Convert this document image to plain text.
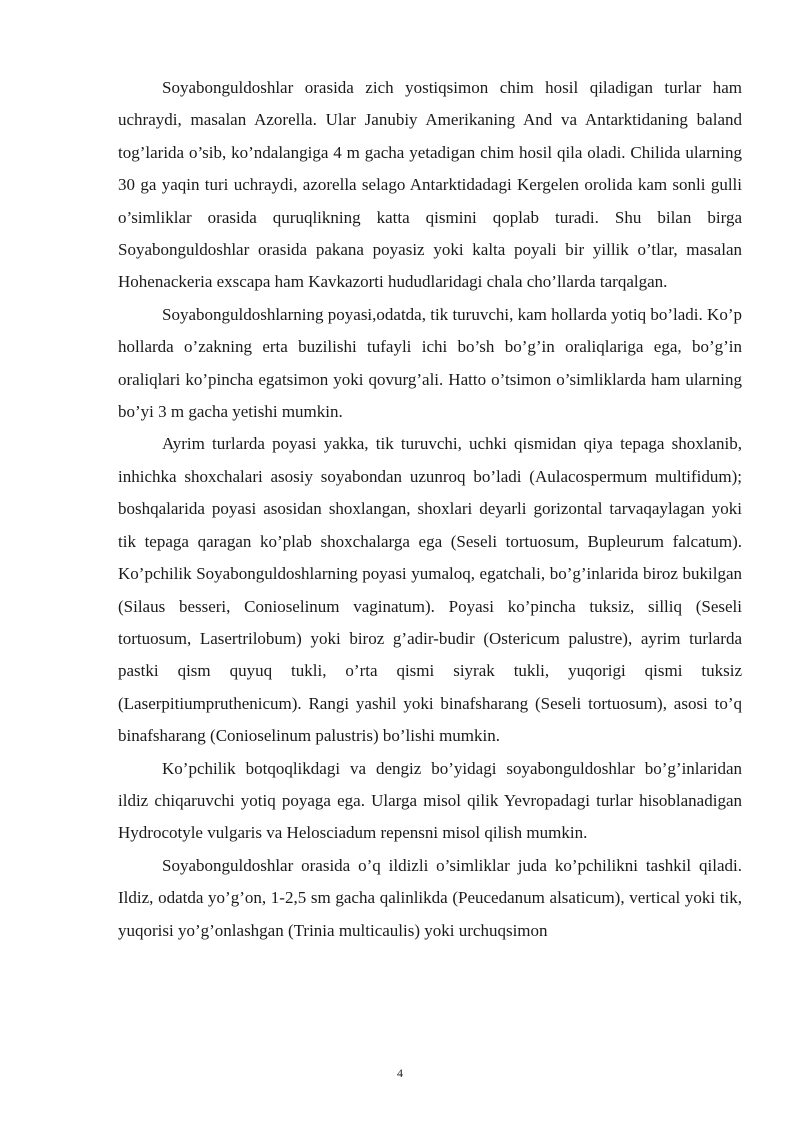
Soyabonguldoshlar orasida zich yostiqsimon chim hosil qiladigan turlar ham uchraydi, masalan Azorella. Ular Janubiy Amerikaning And va Antarktidaning baland tog’larida o’sib, ko’ndalangiga 4 m gacha yetadigan chim hosil qila oladi. Chilida ularning 30 ga yaqin turi uchraydi, azorella selago Antarktidadagi Kergelen orolida kam sonli gulli o’simliklar orasida quruqlikning katta qismini qoplab turadi. Shu bilan birga Soyabonguldoshlar orasida pakana poyasiz yoki kalta poyali bir yillik o’tlar, masalan Hohenackeria exscapa ham Kavkazorti hududlaridagi chala cho’llarda tarqalgan.

Soyabonguldoshlarning poyasi,odatda, tik turuvchi, kam hollarda yotiq bo’ladi. Ko’p hollarda o’zakning erta buzilishi tufayli ichi bo’sh bo’g’in oraliqlariga ega, bo’g’in oraliqlari ko’pincha egatsimon yoki qovurg’ali. Hatto o’tsimon o’simliklarda ham ularning bo’yi 3 m gacha yetishi mumkin.

Ayrim turlarda poyasi yakka, tik turuvchi, uchki qismidan qiya tepaga shoxlanib, inhichka shoxchalari asosiy soyabondan uzunroq bo’ladi (Aulacospermum multifidum); boshqalarida poyasi asosidan shoxlangan, shoxlari deyarli gorizontal tarvaqaylagan yoki tik tepaga qaragan ko’plab shoxchalarga ega (Seseli tortuosum, Bupleurum falcatum). Ko’pchilik Soyabonguldoshlarning poyasi yumaloq, egatchali, bo’g’inlarida biroz bukilgan (Silaus besseri, Conioselinum vaginatum). Poyasi ko’pincha tuksiz, silliq (Seseli tortuosum, Lasertrilobum) yoki biroz g’adir-budir (Ostericum palustre), ayrim turlarda pastki qism quyuq tukli, o’rta qismi siyrak tukli, yuqorigi qismi tuksiz (Laserpitiumpruthenicum). Rangi yashil yoki binafsharang (Seseli tortuosum), asosi to’q binafsharang (Conioselinum palustris) bo’lishi mumkin.

Ko’pchilik botqoqlikdagi va dengiz bo’yidagi soyabonguldoshlar bo’g’inlaridan ildiz chiqaruvchi yotiq poyaga ega. Ularga misol qilik Yevropadagi turlar hisoblanadigan Hydrocotyle vulgaris va Helosciadum repensni misol qilish mumkin.

Soyabonguldoshlar orasida o’q ildizli o’simliklar juda ko’pchilikni tashkil qiladi. Ildiz, odatda yo’g’on, 1-2,5 sm gacha qalinlikda (Peucedanum alsaticum), vertical yoki tik, yuqorisi yo’g’onlashgan (Trinia multicaulis) yoki urchuqsimon

4
